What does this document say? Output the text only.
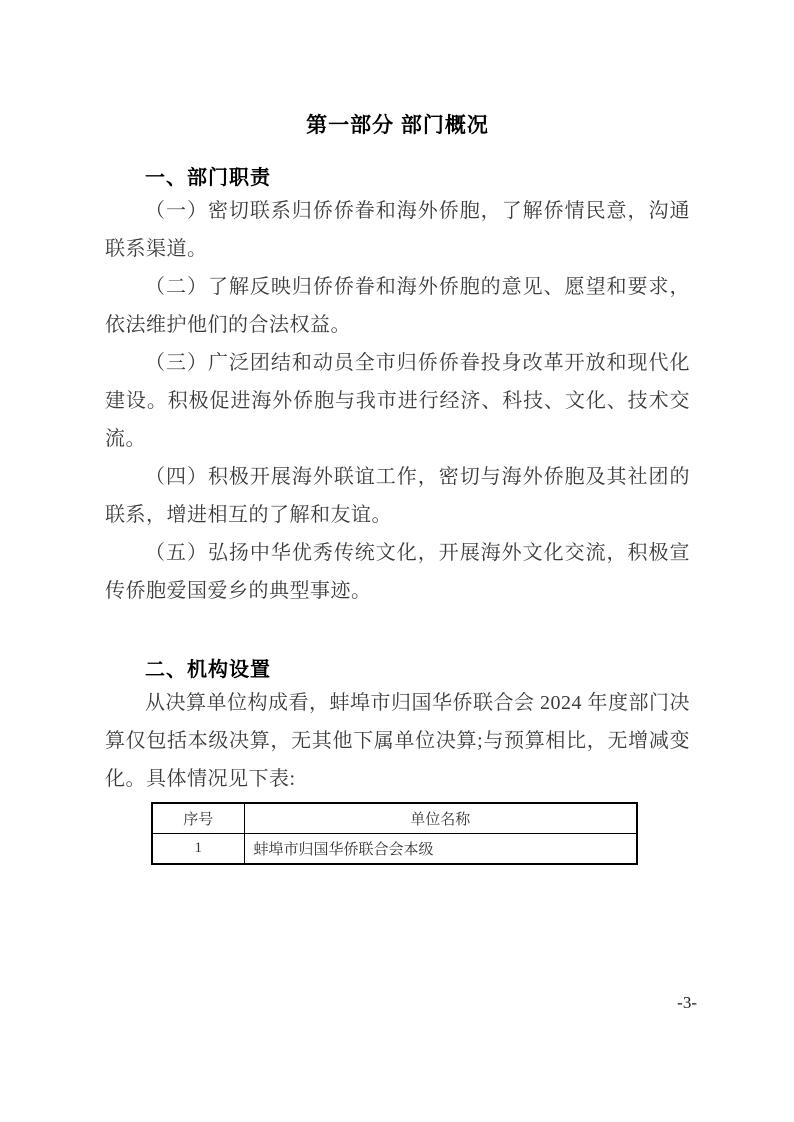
第一部分 部门概况
一、部门职责

（一）密切联系归侨侨眷和海外侨胞，了解侨情民意，沟通联系渠道。

（二）了解反映归侨侨眷和海外侨胞的意见、愿望和要求，依法维护他们的合法权益。

（三）广泛团结和动员全市归侨侨眷投身改革开放和现代化建设。积极促进海外侨胞与我市进行经济、科技、文化、技术交流。

（四）积极开展海外联谊工作，密切与海外侨胞及其社团的联系，增进相互的了解和友谊。

（五）弘扬中华优秀传统文化，开展海外文化交流，积极宣传侨胞爱国爱乡的典型事迹。

二、机构设置

从决算单位构成看，蚌埠市归国华侨联合会 2024 年度部门决算仅包括本级决算，无其他下属单位决算;与预算相比，无增减变化。具体情况见下表:

序号	单位名称
1	蚌埠市归国华侨联合会本级
-3-
